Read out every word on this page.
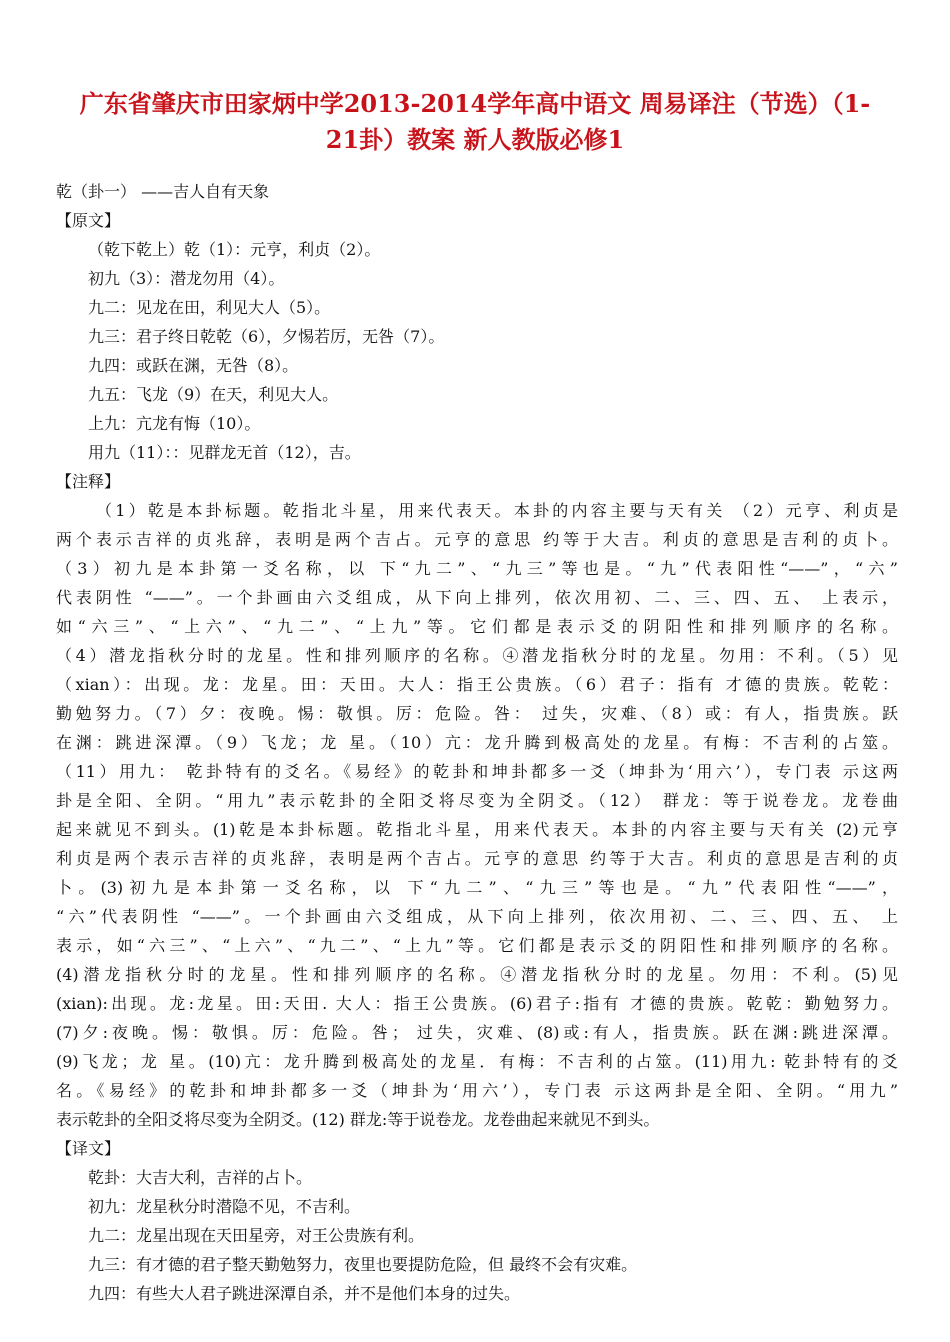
广东省肇庆市田家炳中学2013-2014学年高中语文 周易译注（节选）（1-
21卦）教案 新人教版必修1
乾（卦一） ——吉人自有天象
【原文】
（乾下乾上）乾（1）：元亨，利贞（2）。
初九（3）：潜龙勿用（4）。
九二：见龙在田，利见大人（5）。
九三：君子终日乾乾（6），夕惕若厉，无咎（7）。
九四：或跃在渊，无咎（8）。
九五：飞龙（9）在天，利见大人。
上九：亢龙有悔（10）。
用九（11）：：见群龙无首（12），吉。
【注释】
（1）乾是本卦标题。乾指北斗星，用来代表天。本卦的内容主要与天有关 （2）元亨、利贞是
两个表示吉祥的贞兆辞，表明是两个吉占。元亨的意思 约等于大吉。利贞的意思是吉利的贞卜。
（3）初九是本卦第一爻名称，以 下“九二”、“九三”等也是。“九”代表阳性“——”，“六”
代表阴性 “——”。一个卦画由六爻组成，从下向上排列，依次用初、二、三、四、五、 上表示，
如“六三”、“上六”、“九二”、“上九”等。它们都是表示爻的阴阳性和排列顺序的名称。
（4）潜龙指秋分时的龙星。性和排列顺序的名称。④潜龙指秋分时的龙星。勿用：不利。（5）见
（xian）：出现。龙：龙星。田：天田。大人：指王公贵族。（6）君子：指有 才德的贵族。乾乾：
勤勉努力。（7）夕：夜晚。惕：敬惧。厉：危险。咎： 过失，灾难、（8）或：有人，指贵族。跃
在渊：跳进深潭。（9）飞龙；龙 星。（10）亢：龙升腾到极高处的龙星。有梅：不吉利的占筮。
（11）用九： 乾卦特有的爻名。《易经》的乾卦和坤卦都多一爻（坤卦为‘用六’），专门表 示这两
卦是全阳、全阴。“用九”表示乾卦的全阳爻将尽变为全阴爻。（12） 群龙：等于说卷龙。龙卷曲
起来就见不到头。(1)乾是本卦标题。乾指北斗星，用来代表天。本卦的内容主要与天有关 (2)元亨
利贞是两个表示吉祥的贞兆辞，表明是两个吉占。元亨的意思 约等于大吉。利贞的意思是吉利的贞
卜。(3)初九是本卦第一爻名称，以 下“九二”、“九三”等也是。“九”代表阳性“——”，
“六”代表阴性 “——”。一个卦画由六爻组成，从下向上排列，依次用初、二、三、四、五、 上
表示，如“六三”、“上六”、“九二”、“上九”等。它们都是表示爻的阴阳性和排列顺序的名称。
(4)潜龙指秋分时的龙星。性和排列顺序的名称。④潜龙指秋分时的龙星。勿用：不利。(5)见
(xian):出现。龙:龙星。田:天田. 大人：指王公贵族。(6)君子:指有 才德的贵族。乾乾：勤勉努力。
(7)夕:夜晚。惕：敬惧。厉：危险。咎； 过失，灾难、(8)或:有人，指贵族。跃在渊:跳进深潭。
(9)飞龙；龙 星。(10)亢：龙升腾到极高处的龙星．有梅：不吉利的占筮。(11)用九: 乾卦特有的爻
名。《易经》的乾卦和坤卦都多一爻（坤卦为‘用六’），专门表 示这两卦是全阳、全阴。“用九”
表示乾卦的全阳爻将尽变为全阴爻。(12) 群龙:等于说卷龙。龙卷曲起来就见不到头。
【译文】
乾卦：大吉大利，吉祥的占卜。
初九：龙星秋分时潜隐不见，不吉利。
九二：龙星出现在天田星旁，对王公贵族有利。
九三：有才德的君子整天勤勉努力，夜里也要提防危险，但 最终不会有灾难。
九四：有些大人君子跳进深潭自杀，并不是他们本身的过失。
